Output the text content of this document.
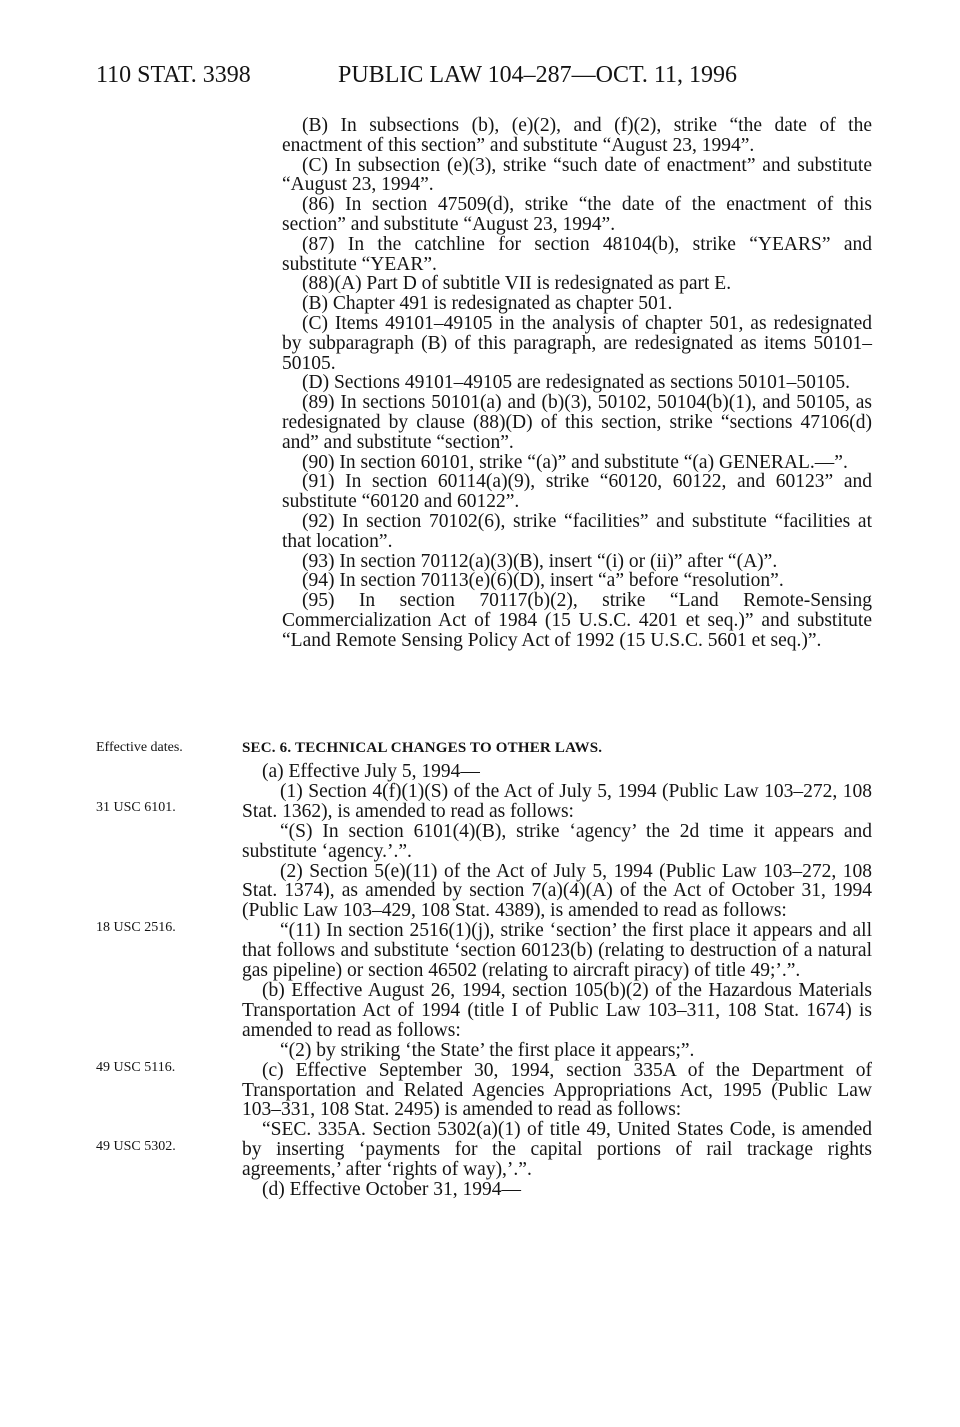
110 STAT. 3398	PUBLIC LAW 104–287—OCT. 11, 1996

(B) In subsections (b), (e)(2), and (f)(2), strike “the date of the enactment of this section” and substitute “August 23, 1994”.

(C) In subsection (e)(3), strike “such date of enactment” and substitute “August 23, 1994”.

(86) In section 47509(d), strike “the date of the enactment of this section” and substitute “August 23, 1994”.

(87) In the catchline for section 48104(b), strike “YEARS” and substitute “YEAR”.

(88)(A) Part D of subtitle VII is redesignated as part E.

(B) Chapter 491 is redesignated as chapter 501.

(C) Items 49101–49105 in the analysis of chapter 501, as redesignated by subparagraph (B) of this paragraph, are redesignated as items 50101–50105.

(D) Sections 49101–49105 are redesignated as sections 50101–50105.

(89) In sections 50101(a) and (b)(3), 50102, 50104(b)(1), and 50105, as redesignated by clause (88)(D) of this section, strike “sections 47106(d) and” and substitute “section”.

(90) In section 60101, strike “(a)” and substitute “(a) GENERAL.—”.

(91) In section 60114(a)(9), strike “60120, 60122, and 60123” and substitute “60120 and 60122”.

(92) In section 70102(6), strike “facilities” and substitute “facilities at that location”.

(93) In section 70112(a)(3)(B), insert “(i) or (ii)” after “(A)”.

(94) In section 70113(e)(6)(D), insert “a” before “resolution”.

(95) In section 70117(b)(2), strike “Land Remote-Sensing Commercialization Act of 1984 (15 U.S.C. 4201 et seq.)” and substitute “Land Remote Sensing Policy Act of 1992 (15 U.S.C. 5601 et seq.)”.

Effective dates.
31 USC 6101.
18 USC 2516.
49 USC 5116.
49 USC 5302.
SEC. 6. TECHNICAL CHANGES TO OTHER LAWS.

(a) Effective July 5, 1994—

(1) Section 4(f)(1)(S) of the Act of July 5, 1994 (Public Law 103–272, 108 Stat. 1362), is amended to read as follows:

“(S) In section 6101(4)(B), strike ‘agency’ the 2d time it appears and substitute ‘agency.’.”.

(2) Section 5(e)(11) of the Act of July 5, 1994 (Public Law 103–272, 108 Stat. 1374), as amended by section 7(a)(4)(A) of the Act of October 31, 1994 (Public Law 103–429, 108 Stat. 4389), is amended to read as follows:

“(11) In section 2516(1)(j), strike ‘section’ the first place it appears and all that follows and substitute ‘section 60123(b) (relating to destruction of a natural gas pipeline) or section 46502 (relating to aircraft piracy) of title 49;’.”.

(b) Effective August 26, 1994, section 105(b)(2) of the Hazardous Materials Transportation Act of 1994 (title I of Public Law 103–311, 108 Stat. 1674) is amended to read as follows:

“(2) by striking ‘the State’ the first place it appears;”.

(c) Effective September 30, 1994, section 335A of the Department of Transportation and Related Agencies Appropriations Act, 1995 (Public Law 103–331, 108 Stat. 2495) is amended to read as follows:

“SEC. 335A. Section 5302(a)(1) of title 49, United States Code, is amended by inserting ‘payments for the capital portions of rail trackage rights agreements,’ after ‘rights of way),’.”.

(d) Effective October 31, 1994—
